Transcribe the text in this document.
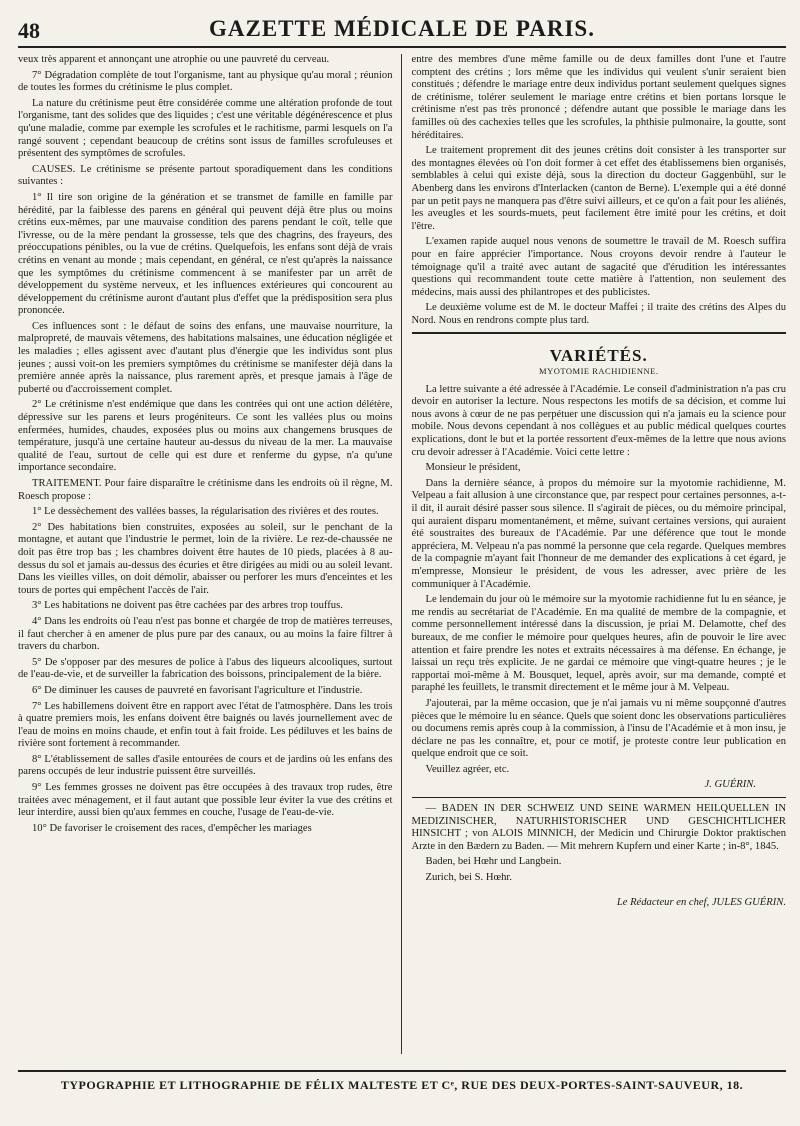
48	GAZETTE MÉDICALE DE PARIS.

veux très apparent et annonçant une atrophie ou une pauvreté du cerveau.

7° Dégradation complète de tout l'organisme, tant au physique qu'au moral ; réunion de toutes les formes du crétinisme le plus complet.

La nature du crétinisme peut être considérée comme une altération profonde de tout l'organisme, tant des solides que des liquides ; c'est une véritable dégénérescence et plus qu'une maladie, comme par exemple les scrofules et le rachitisme, parmi lesquels on l'a rangé souvent ; cependant beaucoup de crétins sont issus de familles scrofuleuses et présentent des symptômes de scrofules.

CAUSES. Le crétinisme se présente partout sporadiquement dans les conditions suivantes :

1° Il tire son origine de la génération et se transmet de famille en famille par hérédité, par la faiblesse des parens en général qui peuvent déjà être plus ou moins crétins eux-mêmes, par une mauvaise condition des parens pendant le coït, telle que l'ivresse, ou de la mère pendant la grossesse, tels que des chagrins, des frayeurs, des préoccupations pénibles, ou la vue de crétins. Quelquefois, les enfans sont déjà de vrais crétins en venant au monde ; mais cependant, en général, ce n'est qu'après la naissance que les symptômes du crétinisme commencent à se manifester par un arrêt de développement du système nerveux, et les influences extérieures qui concourent au développement du crétinisme auront d'autant plus d'effet que la prédisposition sera plus prononcée.

Ces influences sont : le défaut de soins des enfans, une mauvaise nourriture, la malpropreté, de mauvais vêtemens, des habitations malsaines, une éducation négligée et les maladies ; elles agissent avec d'autant plus d'énergie que les individus sont plus jeunes ; aussi voit-on les premiers symptômes du crétinisme se manifester déjà dans la première année après la naissance, plus rarement après, et presque jamais à l'âge de puberté ou d'accroissement complet.

2° Le crétinisme n'est endémique que dans les contrées qui ont une action délétère, dépressive sur les parens et leurs progéniteurs. Ce sont les vallées plus ou moins enfermées, humides, chaudes, exposées plus ou moins aux changemens brusques de température, jusqu'à une certaine hauteur au-dessus du niveau de la mer. La mauvaise qualité de l'eau, surtout de celle qui est dure et renferme du gypse, n'a qu'une importance secondaire.

TRAITEMENT. Pour faire disparaître le crétinisme dans les endroits où il règne, M. Roesch propose :

1° Le dessèchement des vallées basses, la régularisation des rivières et des routes.

2° Des habitations bien construites, exposées au soleil, sur le penchant de la montagne, et autant que l'industrie le permet, loin de la rivière. Le rez-de-chaussée ne doit pas être trop bas ; les chambres doivent être hautes de 10 pieds, placées à 8 au-dessus du sol et jamais au-dessus des écuries et être dirigées au midi ou au soleil levant. Dans les vieilles villes, on doit démolir, abaisser ou perforer les murs d'enceintes et les tours de portes qui empêchent l'accès de l'air.

3° Les habitations ne doivent pas être cachées par des arbres trop touffus.

4° Dans les endroits où l'eau n'est pas bonne et chargée de trop de matières terreuses, il faut chercher à en amener de plus pure par des canaux, ou au moins la faire filtrer à travers du charbon.

5° De s'opposer par des mesures de police à l'abus des liqueurs alcooliques, surtout de l'eau-de-vie, et de surveiller la fabrication des boissons, principalement de la bière.

6° De diminuer les causes de pauvreté en favorisant l'agriculture et l'industrie.

7° Les habillemens doivent être en rapport avec l'état de l'atmosphère. Dans les trois à quatre premiers mois, les enfans doivent être baignés ou lavés journellement avec de l'eau de moins en moins chaude, et enfin tout à fait froide. Les pédiluves et les bains de rivière sont fortement à recommander.

8° L'établissement de salles d'asile entourées de cours et de jardins où les enfans des parens occupés de leur industrie puissent être surveillés.

9° Les femmes grosses ne doivent pas être occupées à des travaux trop rudes, être traitées avec ménagement, et il faut autant que possible leur éviter la vue des crétins et leur interdire, aussi bien qu'aux femmes en couche, l'usage de l'eau-de-vie.

10° De favoriser le croisement des races, d'empêcher les mariages

entre des membres d'une même famille ou de deux familles dont l'une et l'autre comptent des crétins ; lors même que les individus qui veulent s'unir seraient bien constitués ; défendre le mariage entre deux individus portant seulement quelques signes de crétinisme, tolérer seulement le mariage entre crétins et bien portans lorsque le crétinisme n'est pas très prononcé ; défendre autant que possible le mariage dans les familles où des cachexies telles que les scrofules, la phthisie pulmonaire, la goutte, sont héréditaires.

Le traitement proprement dit des jeunes crétins doit consister à les transporter sur des montagnes élevées où l'on doit former à cet effet des établissemens bien organisés, semblables à celui qui existe déjà, sous la direction du docteur Gaggenbühl, sur le Abenberg dans les environs d'Interlacken (canton de Berne). L'exemple qui a été donné par un petit pays ne manquera pas d'être suivi ailleurs, et ce qu'on a fait pour les aliénés, les aveugles et les sourds-muets, peut facilement être imité pour les crétins, et doit l'être.

L'examen rapide auquel nous venons de soumettre le travail de M. Roesch suffira pour en faire apprécier l'importance. Nous croyons devoir rendre à l'auteur le témoignage qu'il a traité avec autant de sagacité que d'érudition les intéressantes questions qui recommandent toute cette matière à l'attention, non seulement des médecins, mais aussi des philantropes et des publicistes.

Le deuxième volume est de M. le docteur Maffei ; il traite des crétins des Alpes du Nord. Nous en rendrons compte plus tard.

VARIÉTÉS.
MYOTOMIE RACHIDIENNE.

La lettre suivante a été adressée à l'Académie. Le conseil d'administration n'a pas cru devoir en autoriser la lecture. Nous respectons les motifs de sa décision, et comme lui nous avons à cœur de ne pas perpétuer une discussion qui n'a jamais eu la science pour mobile. Nous devons cependant à nos collègues et au public médical quelques courtes explications, dont le but et la portée ressortent d'eux-mêmes de la lettre que nous avions cru devoir adresser à l'Académie. Voici cette lettre :

Monsieur le président,

Dans la dernière séance, à propos du mémoire sur la myotomie rachidienne, M. Velpeau a fait allusion à une circonstance que, par respect pour certaines personnes, a-t-il dit, il aurait désiré passer sous silence. Il s'agirait de pièces, ou du mémoire principal, qui auraient disparu momentanément, et même, suivant certaines versions, qui auraient été soustraites des bureaux de l'Académie. Par une déférence que tout le monde appréciera, M. Velpeau n'a pas nommé la personne que cela regarde. Quelques membres de la compagnie m'ayant fait l'honneur de me demander des explications à cet égard, je m'empresse, Monsieur le président, de vous les adresser, avec prière de les communiquer à l'Académie.

Le lendemain du jour où le mémoire sur la myotomie rachidienne fut lu en séance, je me rendis au secrétariat de l'Académie. En ma qualité de membre de la compagnie, et comme personnellement intéressé dans la discussion, je priai M. Delamotte, chef des bureaux, de me confier le mémoire pour quelques heures, afin de pouvoir le lire avec attention et faire prendre les notes et extraits nécessaires à ma défense. En échange, je laissai un reçu très explicite. Je ne gardai ce mémoire que vingt-quatre heures ; je le rapportai moi-même à M. Bousquet, lequel, après avoir, sur ma demande, compté et paraphé les feuillets, le transmit directement et le même jour à M. Velpeau.

J'ajouterai, par la même occasion, que je n'ai jamais vu ni même soupçonné d'autres pièces que le mémoire lu en séance. Quels que soient donc les observations particulières ou documens remis après coup à la commission, à l'insu de l'Académie et à mon insu, je déclare ne pas les connaître, et, pour ce motif, je proteste contre leur publication en quelque endroit que ce soit.

Veuillez agréer, etc.

J. GUÉRIN.

— BADEN IN DER SCHWEIZ UND SEINE WARMEN HEILQUELLEN IN MEDIZINISCHER, NATURHISTORISCHER UND GESCHICHTLICHER HINSICHT ; von ALOIS MINNICH, der Medicin und Chirurgie Doktor praktischen Arzte in den Bædern zu Baden. — Mit mehrern Kupfern und einer Karte ; in-8°, 1845.

Baden, bei Hœhr und Langbein.

Zurich, bei S. Hœhr.

Le Rédacteur en chef, JULES GUÉRIN.
TYPOGRAPHIE ET LITHOGRAPHIE DE FÉLIX MALTESTE ET Cᵉ, RUE DES DEUX-PORTES-SAINT-SAUVEUR, 18.
